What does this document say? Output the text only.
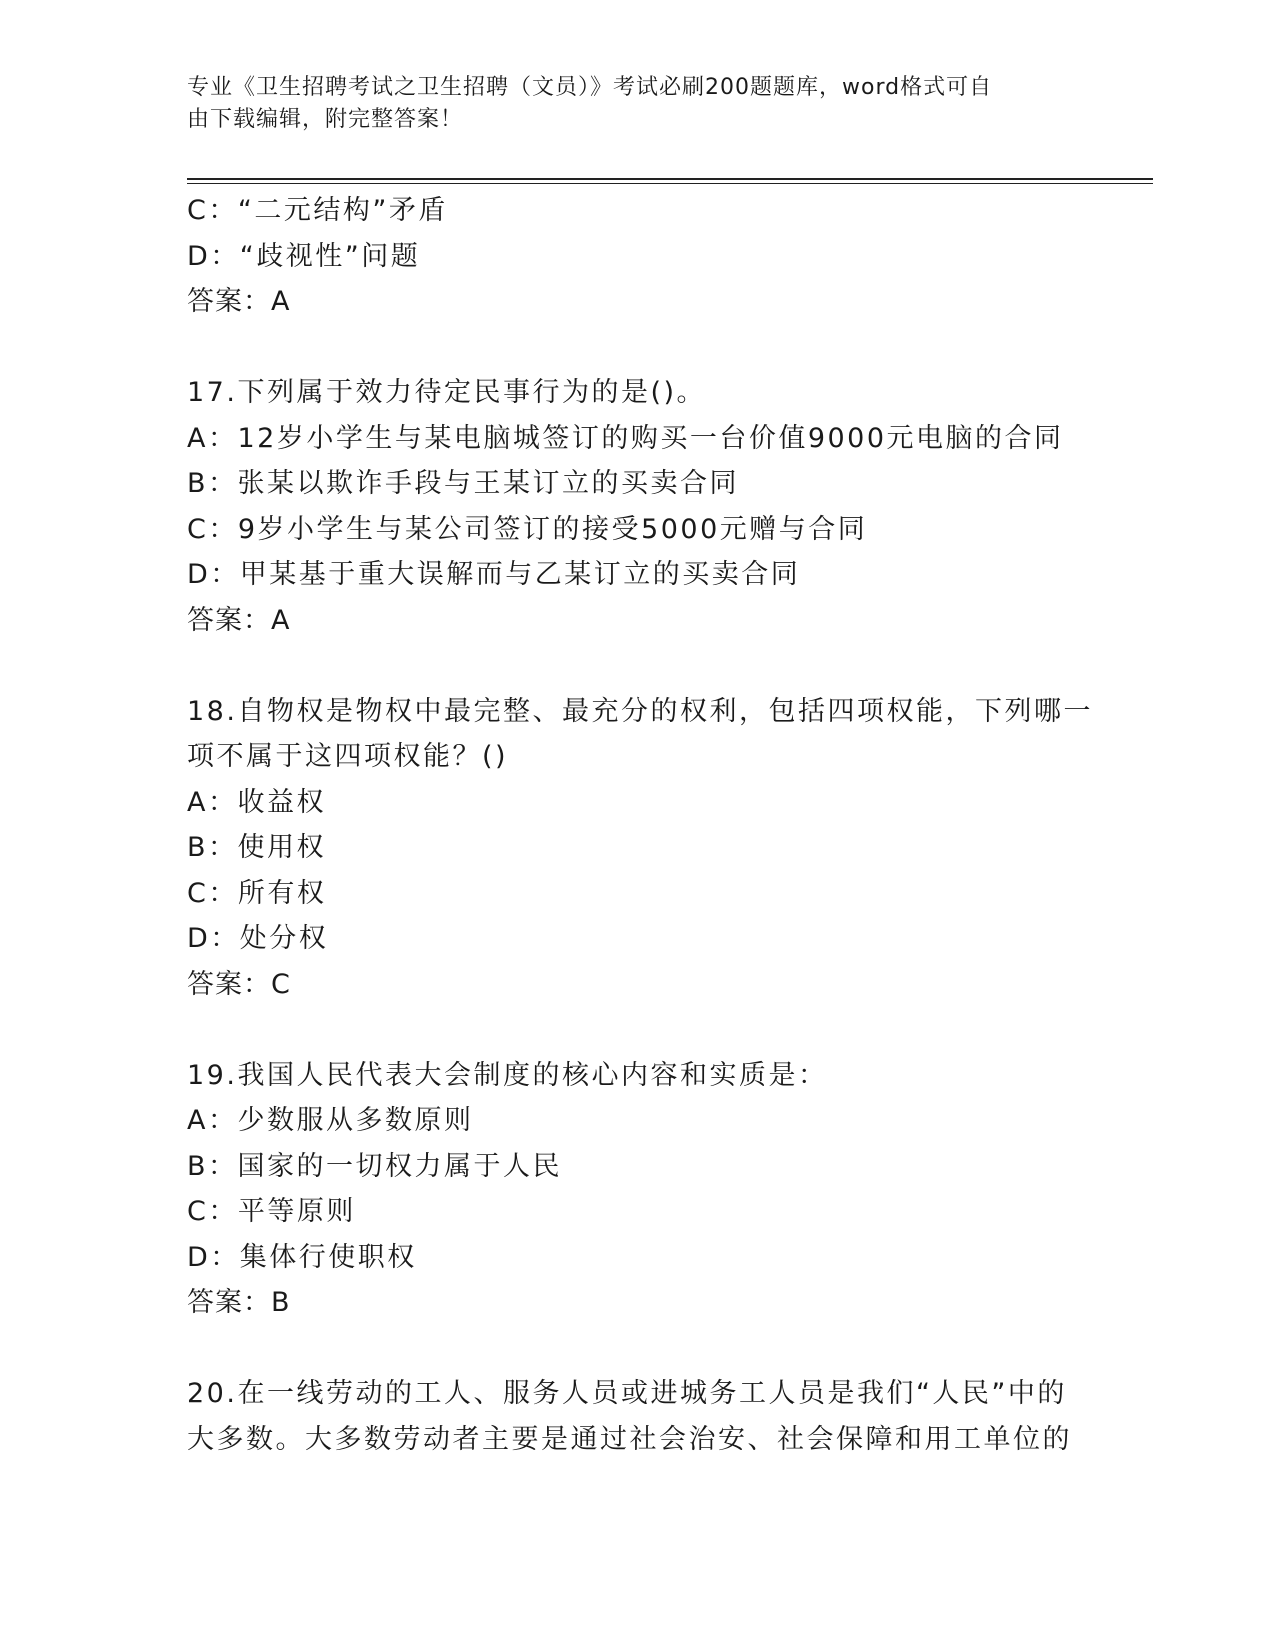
专业《卫生招聘考试之卫生招聘（文员）》考试必刷200题题库，word格式可自
由下载编辑，附完整答案！
C：“二元结构”矛盾
D：“歧视性”问题
答案：A
17.下列属于效力待定民事行为的是()。
A：12岁小学生与某电脑城签订的购买一台价值9000元电脑的合同
B：张某以欺诈手段与王某订立的买卖合同
C：9岁小学生与某公司签订的接受5000元赠与合同
D：甲某基于重大误解而与乙某订立的买卖合同
答案：A
18.自物权是物权中最完整、最充分的权利，包括四项权能，下列哪一
项不属于这四项权能？()
A：收益权
B：使用权
C：所有权
D：处分权
答案：C
19.我国人民代表大会制度的核心内容和实质是：
A：少数服从多数原则
B：国家的一切权力属于人民
C：平等原则
D：集体行使职权
答案：B
20.在一线劳动的工人、服务人员或进城务工人员是我们“人民”中的
大多数。大多数劳动者主要是通过社会治安、社会保障和用工单位的
